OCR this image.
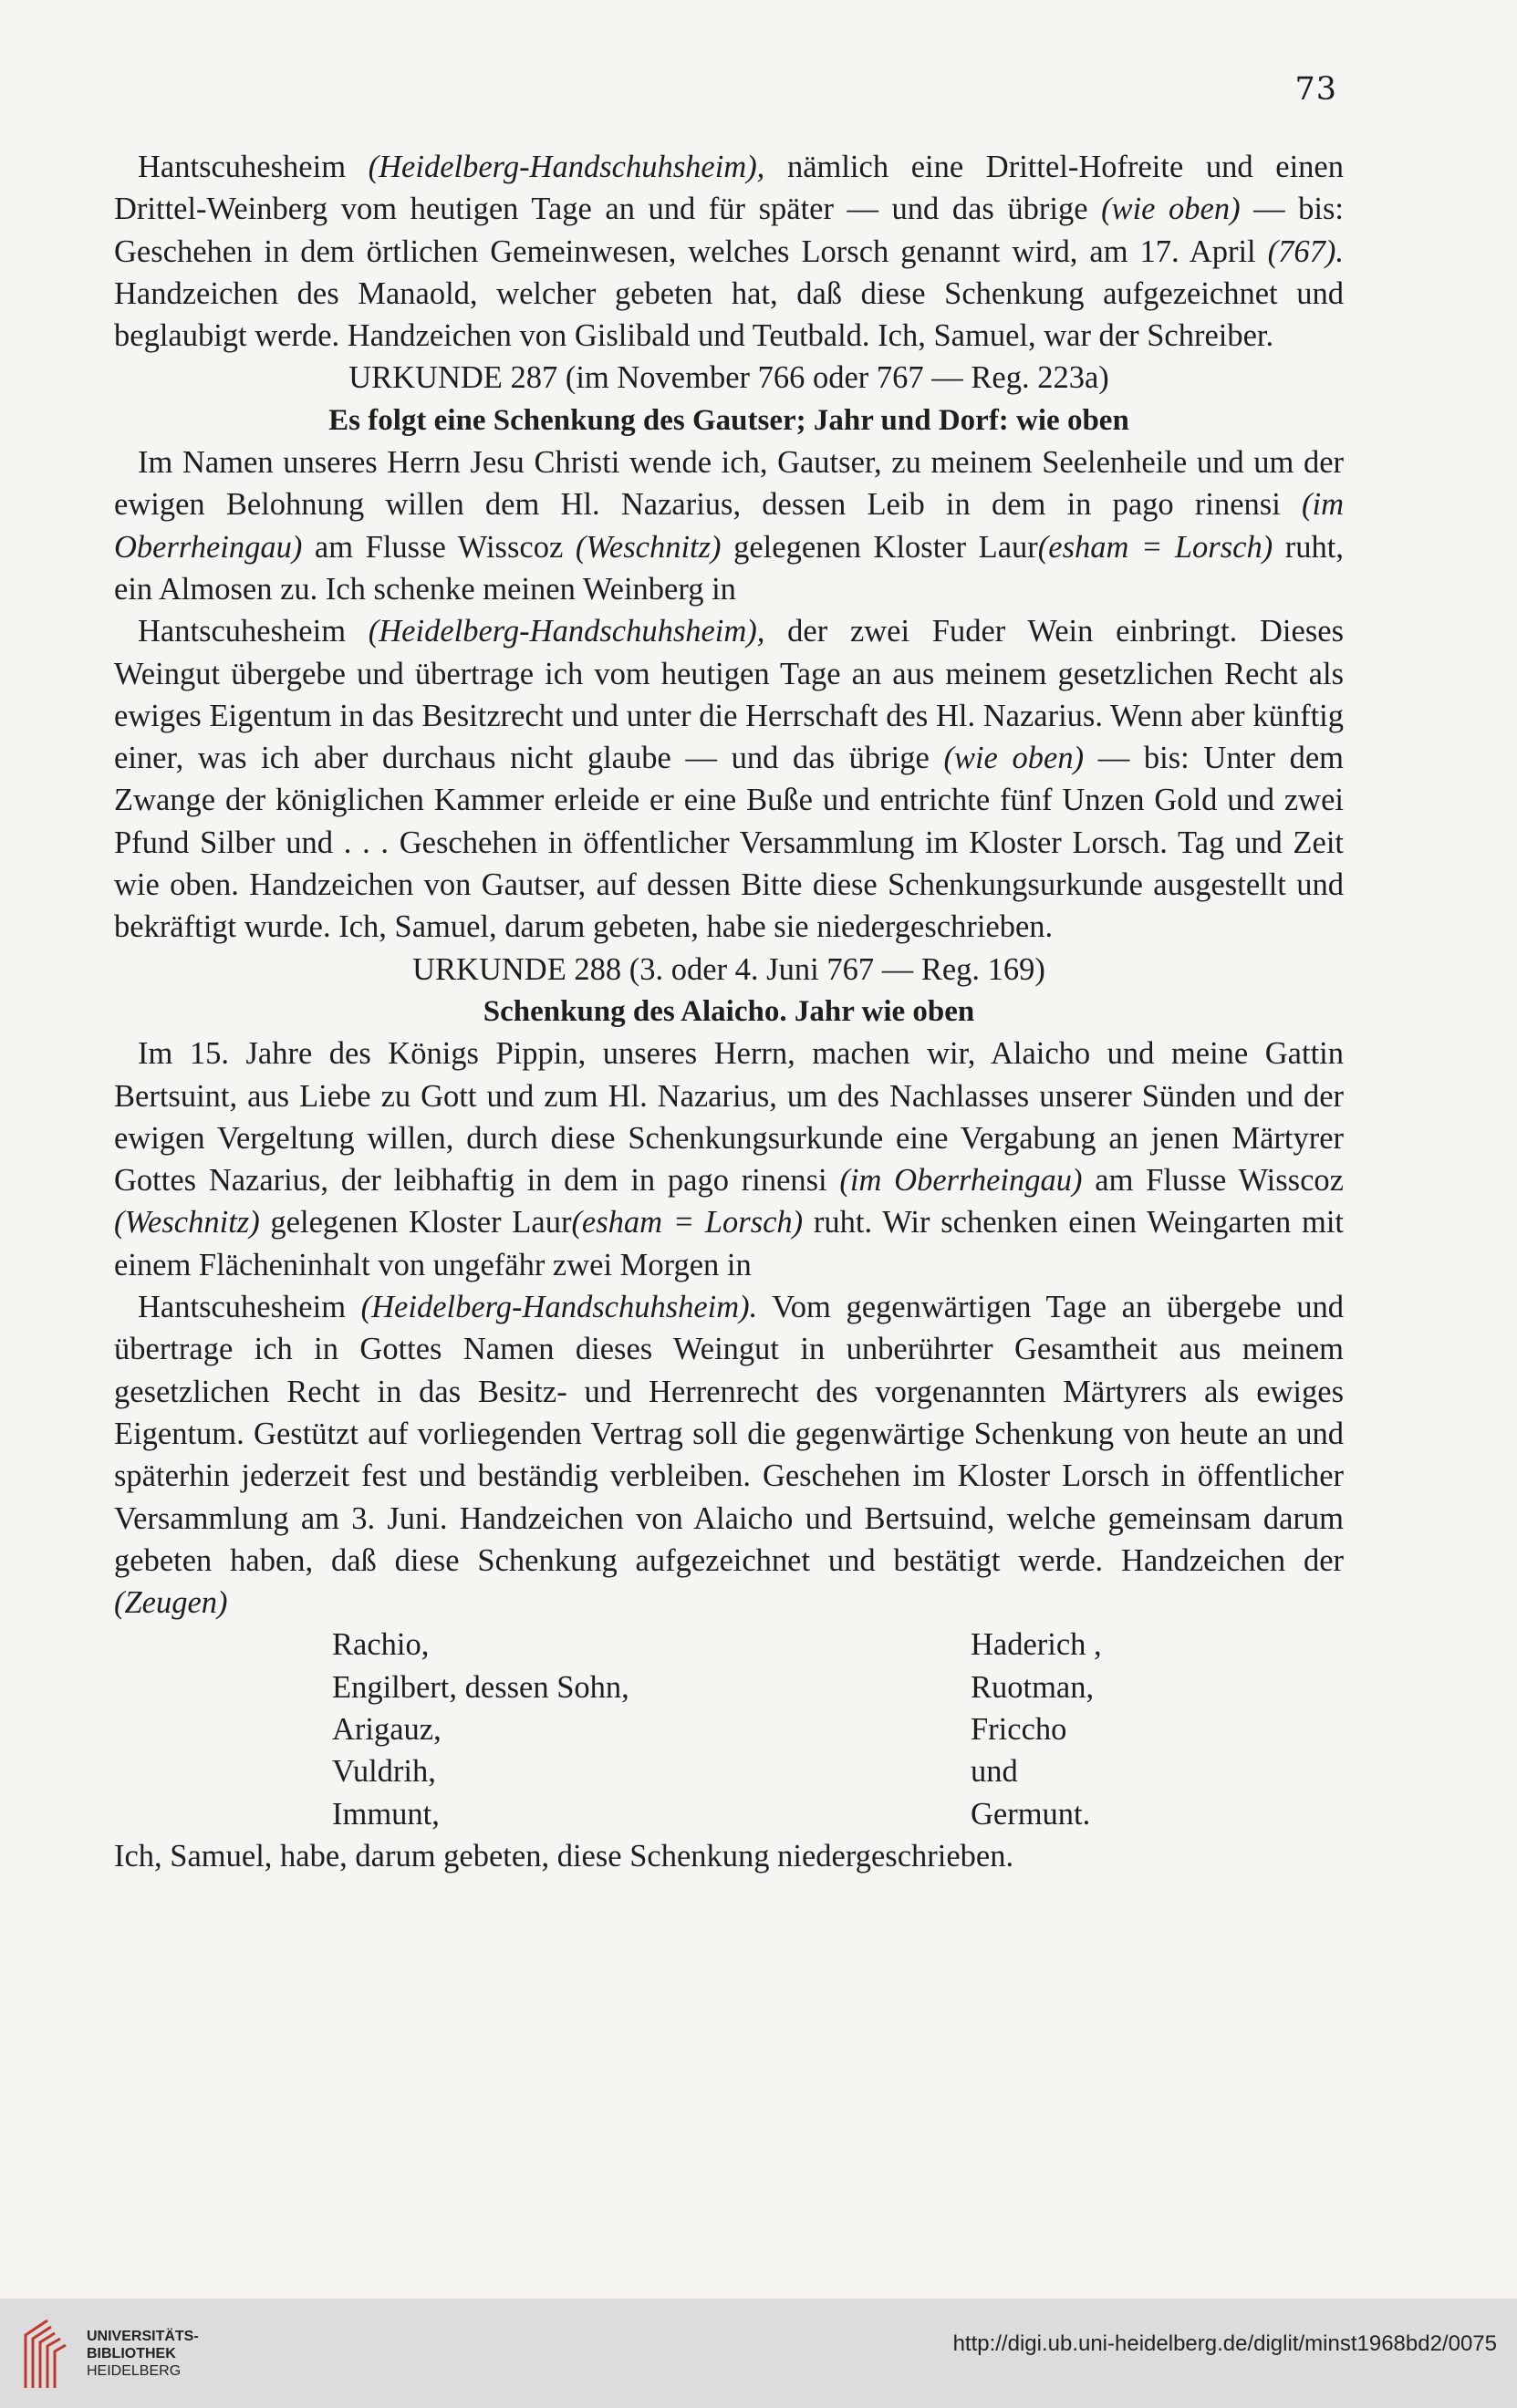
73

Hantscuhesheim (Heidelberg-Handschuhsheim), nämlich eine Drittel-Hofreite und einen Drittel-Weinberg vom heutigen Tage an und für später — und das übrige (wie oben) — bis: Geschehen in dem örtlichen Gemeinwesen, welches Lorsch genannt wird, am 17. April (767). Handzeichen des Manaold, welcher gebeten hat, daß diese Schenkung aufgezeichnet und beglaubigt werde. Handzeichen von Gislibald und Teutbald. Ich, Samuel, war der Schreiber.

URKUNDE 287 (im November 766 oder 767 — Reg. 223a)

Es folgt eine Schenkung des Gautser; Jahr und Dorf: wie oben

Im Namen unseres Herrn Jesu Christi wende ich, Gautser, zu meinem Seelenheile und um der ewigen Belohnung willen dem Hl. Nazarius, dessen Leib in dem in pago rinensi (im Oberrheingau) am Flusse Wisscoz (Weschnitz) gelegenen Kloster Laur(esham = Lorsch) ruht, ein Almosen zu. Ich schenke meinen Weinberg in

Hantscuhesheim (Heidelberg-Handschuhsheim), der zwei Fuder Wein einbringt. Dieses Weingut übergebe und übertrage ich vom heutigen Tage an aus meinem gesetzlichen Recht als ewiges Eigentum in das Besitzrecht und unter die Herrschaft des Hl. Nazarius. Wenn aber künftig einer, was ich aber durchaus nicht glaube — und das übrige (wie oben) — bis: Unter dem Zwange der königlichen Kammer erleide er eine Buße und entrichte fünf Unzen Gold und zwei Pfund Silber und . . . Geschehen in öffentlicher Versammlung im Kloster Lorsch. Tag und Zeit wie oben. Handzeichen von Gautser, auf dessen Bitte diese Schenkungsurkunde ausgestellt und bekräftigt wurde. Ich, Samuel, darum gebeten, habe sie niedergeschrieben.

URKUNDE 288 (3. oder 4. Juni 767 — Reg. 169)

Schenkung des Alaicho. Jahr wie oben

Im 15. Jahre des Königs Pippin, unseres Herrn, machen wir, Alaicho und meine Gattin Bertsuint, aus Liebe zu Gott und zum Hl. Nazarius, um des Nachlasses unserer Sünden und der ewigen Vergeltung willen, durch diese Schenkungsurkunde eine Vergabung an jenen Märtyrer Gottes Nazarius, der leibhaftig in dem in pago rinensi (im Oberrheingau) am Flusse Wisscoz (Weschnitz) gelegenen Kloster Laur(esham = Lorsch) ruht. Wir schenken einen Weingarten mit einem Flächeninhalt von ungefähr zwei Morgen in

Hantscuhesheim (Heidelberg-Handschuhsheim). Vom gegenwärtigen Tage an übergebe und übertrage ich in Gottes Namen dieses Weingut in unberührter Gesamtheit aus meinem gesetzlichen Recht in das Besitz- und Herrenrecht des vorgenannten Märtyrers als ewiges Eigentum. Gestützt auf vorliegenden Vertrag soll die gegenwärtige Schenkung von heute an und späterhin jederzeit fest und beständig verbleiben. Geschehen im Kloster Lorsch in öffentlicher Versammlung am 3. Juni. Handzeichen von Alaicho und Bertsuind, welche gemeinsam darum gebeten haben, daß diese Schenkung aufgezeichnet und bestätigt werde. Handzeichen der (Zeugen)

Rachio,	Haderich ,
Engilbert, dessen Sohn,	Ruotman,
Arigauz,	Friccho
Vuldrih,	und
Immunt,	Germunt.

Ich, Samuel, habe, darum gebeten, diese Schenkung niedergeschrieben.

UNIVERSITÄTS-
BIBLIOTHEK
HEIDELBERG
http://digi.ub.uni-heidelberg.de/diglit/minst1968bd2/0075
